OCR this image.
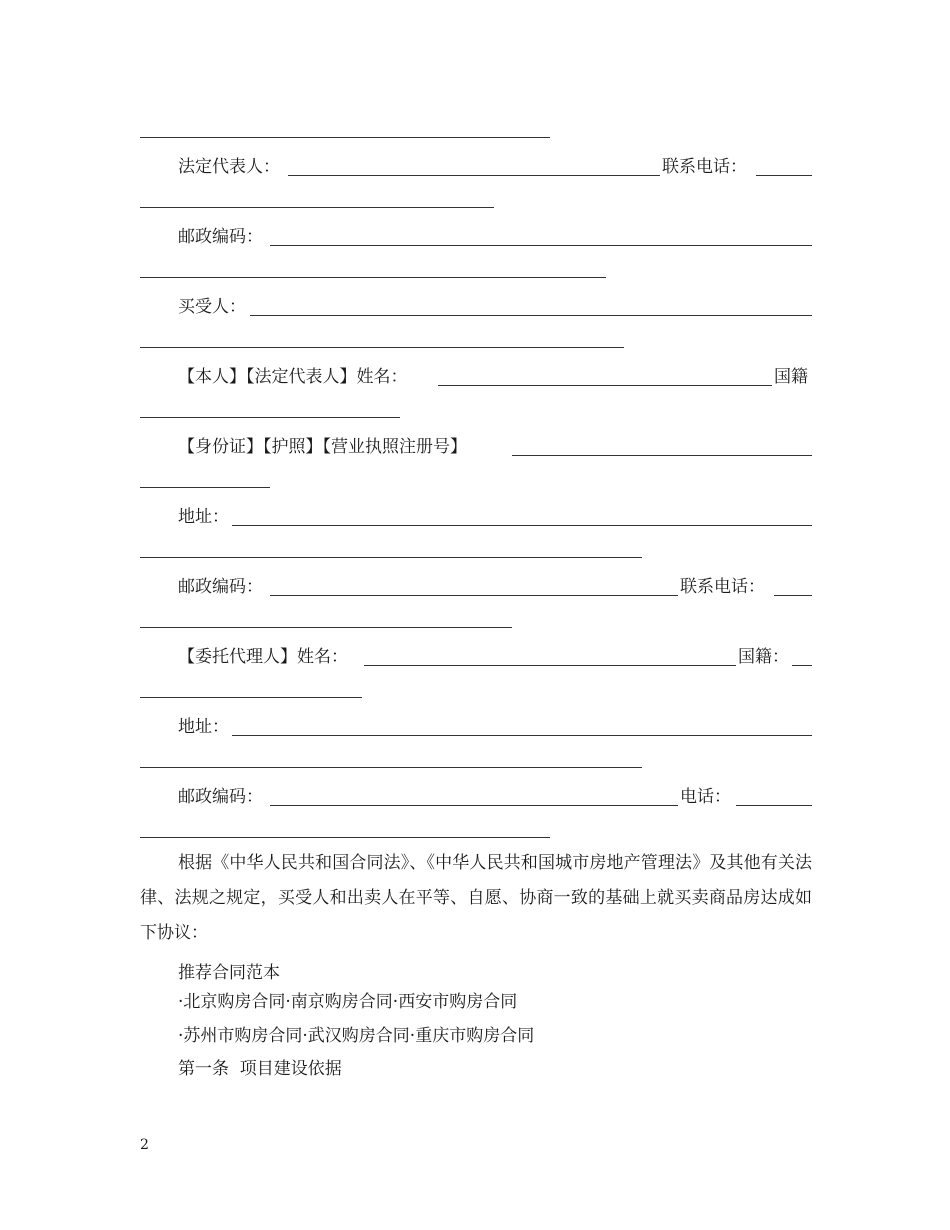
法定代表人：	联系电话：
邮政编码：
买受人：
【本人】【法定代表人】姓名：	国籍
【身份证】【护照】【营业执照注册号】
地址：
邮政编码：	联系电话：
【委托代理人】姓名：	国籍：
地址：
邮政编码：	电话：
根据《中华人民共和国合同法》、《中华人民共和国城市房地产管理法》及其他有关法律、法规之规定，买受人和出卖人在平等、自愿、协商一致的基础上就买卖商品房达成如下协议：
推荐合同范本
·北京购房合同·南京购房合同·西安市购房合同
·苏州市购房合同·武汉购房合同·重庆市购房合同
第一条  项目建设依据
2
